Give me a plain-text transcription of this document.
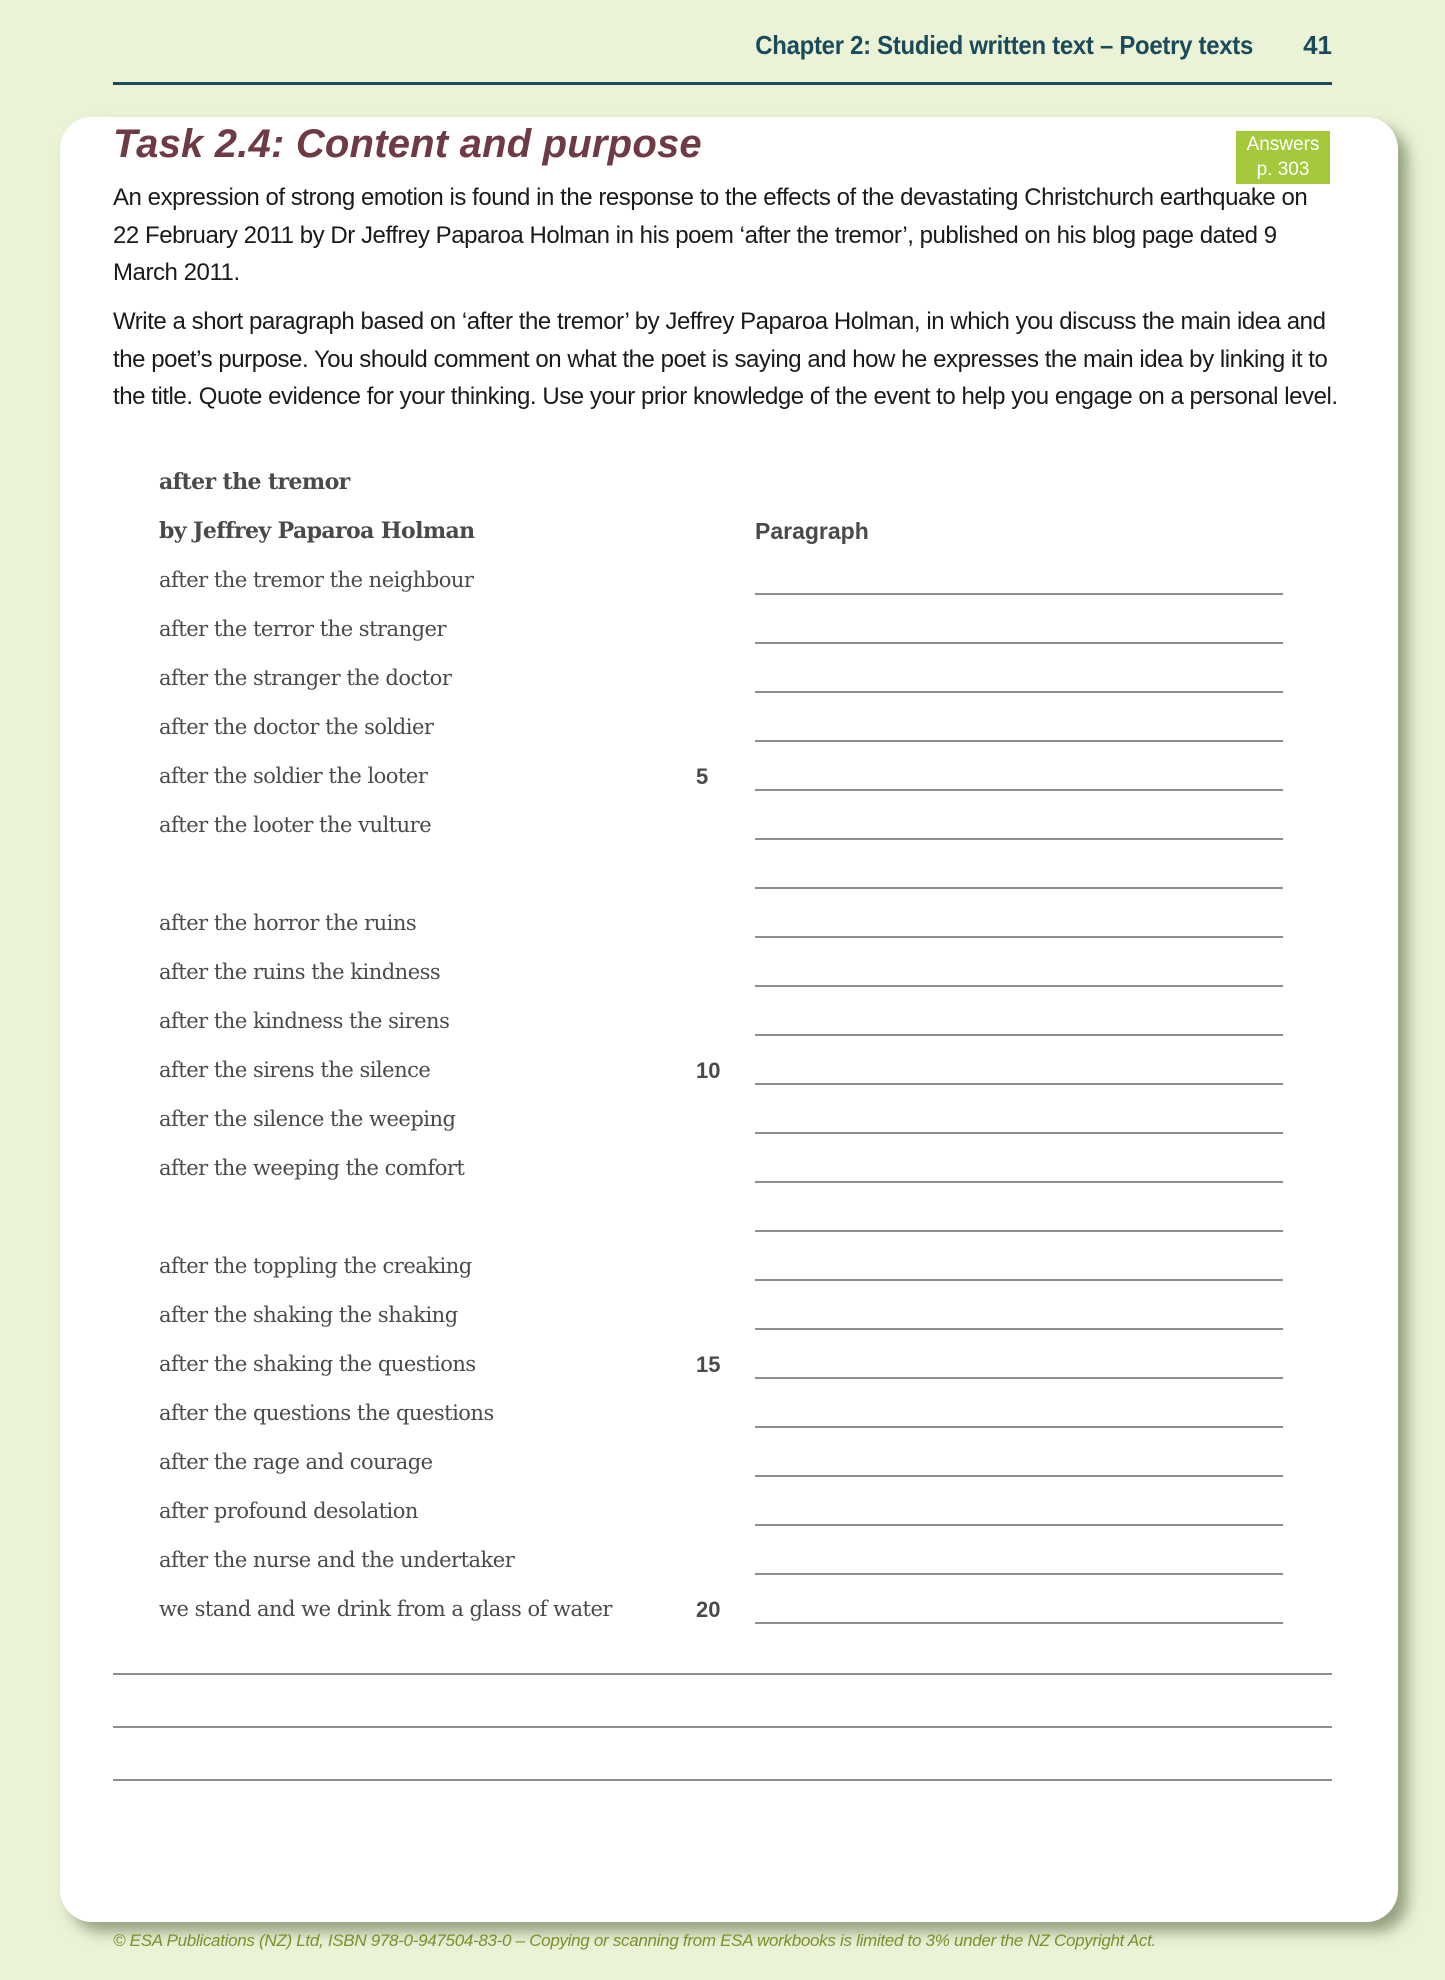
Chapter 2: Studied written text – Poetry texts 41
Task 2.4: Content and purpose	Answers
p. 303

An expression of strong emotion is found in the response to the effects of the devastating Christchurch earthquake on 22 February 2011 by Dr Jeffrey Paparoa Holman in his poem ‘after the tremor’, published on his blog page dated 9 March 2011.

Write a short paragraph based on ‘after the tremor’ by Jeffrey Paparoa Holman, in which you discuss the main idea and the poet’s purpose. You should comment on what the poet is saying and how he expresses the main idea by linking it to the title. Quote evidence for your thinking. Use your prior knowledge of the event to help you engage on a personal level.

after the tremor
by Jeffrey Paparoa Holman	Paragraph
after the tremor the neighbour
after the terror the stranger
after the stranger the doctor
after the doctor the soldier
after the soldier the looter	5
after the looter the vulture
after the horror the ruins
after the ruins the kindness
after the kindness the sirens
after the sirens the silence	10
after the silence the weeping
after the weeping the comfort
after the toppling the creaking
after the shaking the shaking
after the shaking the questions	15
after the questions the questions
after the rage and courage
after profound desolation
after the nurse and the undertaker
we stand and we drink from a glass of water	20
© ESA Publications (NZ) Ltd, ISBN 978-0-947504-83-0 – Copying or scanning from ESA workbooks is limited to 3% under the NZ Copyright Act.
